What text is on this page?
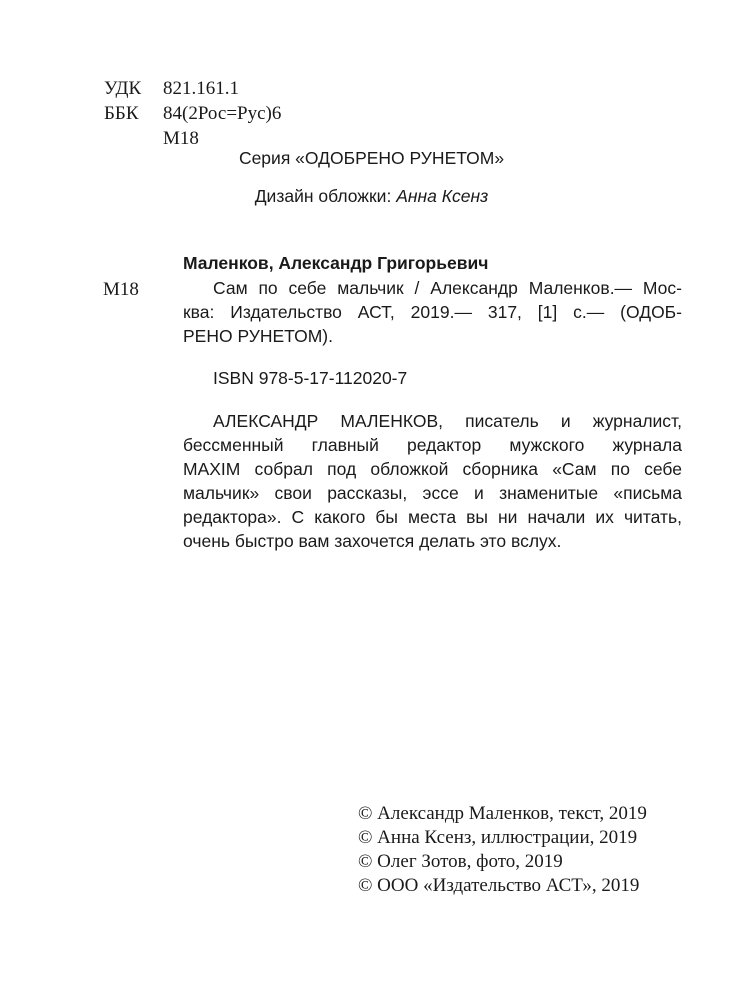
УДК 821.161.1
ББК 84(2Рос=Рус)6
М18
Серия «ОДОБРЕНО РУНЕТОМ»
Дизайн обложки: Анна Ксенз
Маленков, Александр Григорьевич
М18	Сам по себе мальчик / Александр Маленков.— Мос-
ква: Издательство АСТ, 2019.— 317, [1] с.— (ОДОБ-
РЕНО РУНЕТОМ).
ISBN 978-5-17-112020-7
АЛЕКСАНДР МАЛЕНКОВ, писатель и журналист,
бессменный главный редактор мужского журнала
MAXIM собрал под обложкой сборника «Сам по себе
мальчик» свои рассказы, эссе и знаменитые «письма
редактора». С какого бы места вы ни начали их читать,
очень быстро вам захочется делать это вслух.
© Александр Маленков, текст, 2019
© Анна Ксенз, иллюстрации, 2019
© Олег Зотов, фото, 2019
© ООО «Издательство АСТ», 2019
